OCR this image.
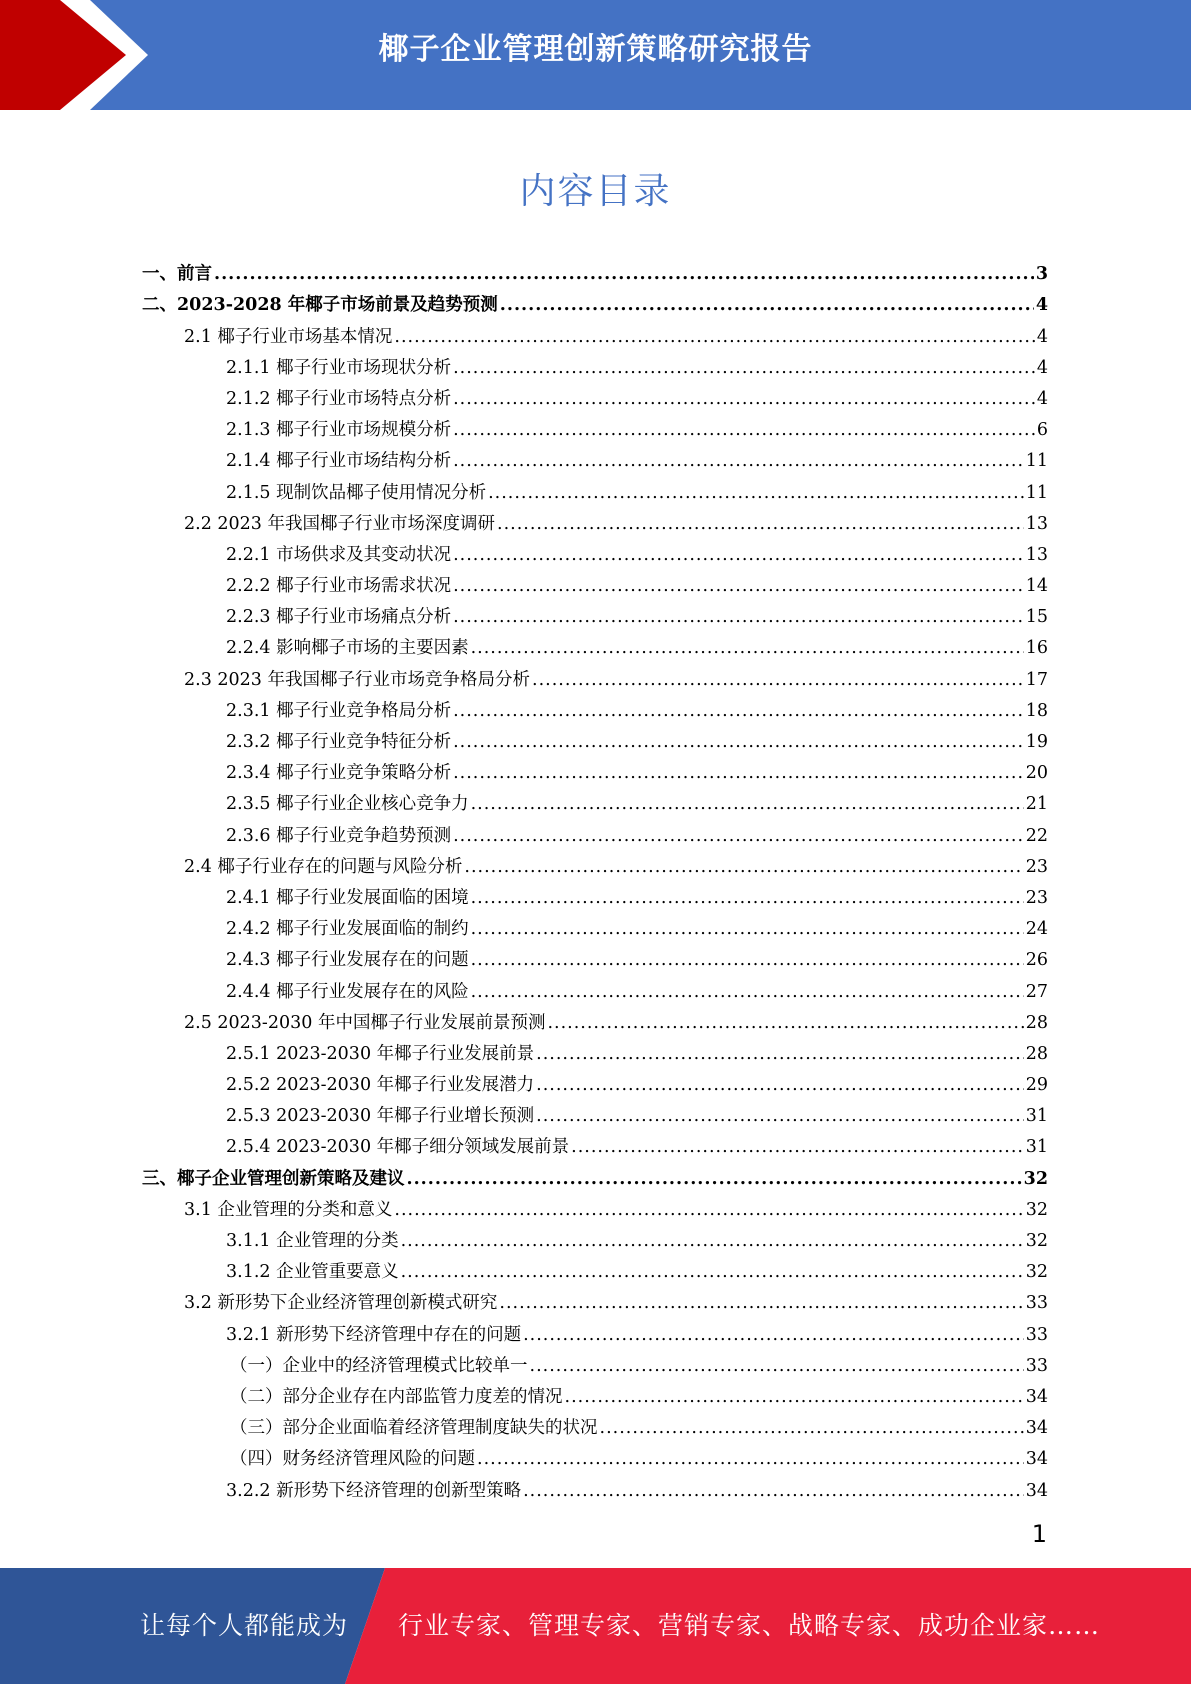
椰子企业管理创新策略研究报告
内容目录
一、前言 .....	3
二、2023-2028 年椰子市场前景及趋势预测 .....	4
2.1 椰子行业市场基本情况 .....	4
2.1.1 椰子行业市场现状分析 .....	4
2.1.2 椰子行业市场特点分析 .....	4
2.1.3 椰子行业市场规模分析 .....	6
2.1.4 椰子行业市场结构分析 .....	11
2.1.5 现制饮品椰子使用情况分析 .....	11
2.2 2023 年我国椰子行业市场深度调研 .....	13
2.2.1 市场供求及其变动状况 .....	13
2.2.2 椰子行业市场需求状况 .....	14
2.2.3 椰子行业市场痛点分析 .....	15
2.2.4 影响椰子市场的主要因素 .....	16
2.3 2023 年我国椰子行业市场竞争格局分析 .....	17
2.3.1 椰子行业竞争格局分析 .....	18
2.3.2 椰子行业竞争特征分析 .....	19
2.3.4 椰子行业竞争策略分析 .....	20
2.3.5 椰子行业企业核心竞争力 .....	21
2.3.6 椰子行业竞争趋势预测 .....	22
2.4 椰子行业存在的问题与风险分析 .....	23
2.4.1 椰子行业发展面临的困境 .....	23
2.4.2 椰子行业发展面临的制约 .....	24
2.4.3 椰子行业发展存在的问题 .....	26
2.4.4 椰子行业发展存在的风险 .....	27
2.5 2023-2030 年中国椰子行业发展前景预测 .....	28
2.5.1 2023-2030 年椰子行业发展前景 .....	28
2.5.2 2023-2030 年椰子行业发展潜力 .....	29
2.5.3 2023-2030 年椰子行业增长预测 .....	31
2.5.4 2023-2030 年椰子细分领域发展前景 .....	31
三、椰子企业管理创新策略及建议 .....	32
3.1 企业管理的分类和意义 .....	32
3.1.1 企业管理的分类 .....	32
3.1.2 企业管重要意义 .....	32
3.2 新形势下企业经济管理创新模式研究 .....	33
3.2.1 新形势下经济管理中存在的问题 .....	33
（一）企业中的经济管理模式比较单一 .....	33
（二）部分企业存在内部监管力度差的情况 .....	34
（三）部分企业面临着经济管理制度缺失的状况 .....	34
（四）财务经济管理风险的问题 .....	34
3.2.2 新形势下经济管理的创新型策略 .....	34
1
让每个人都能成为 行业专家、管理专家、营销专家、战略专家、成功企业家……
